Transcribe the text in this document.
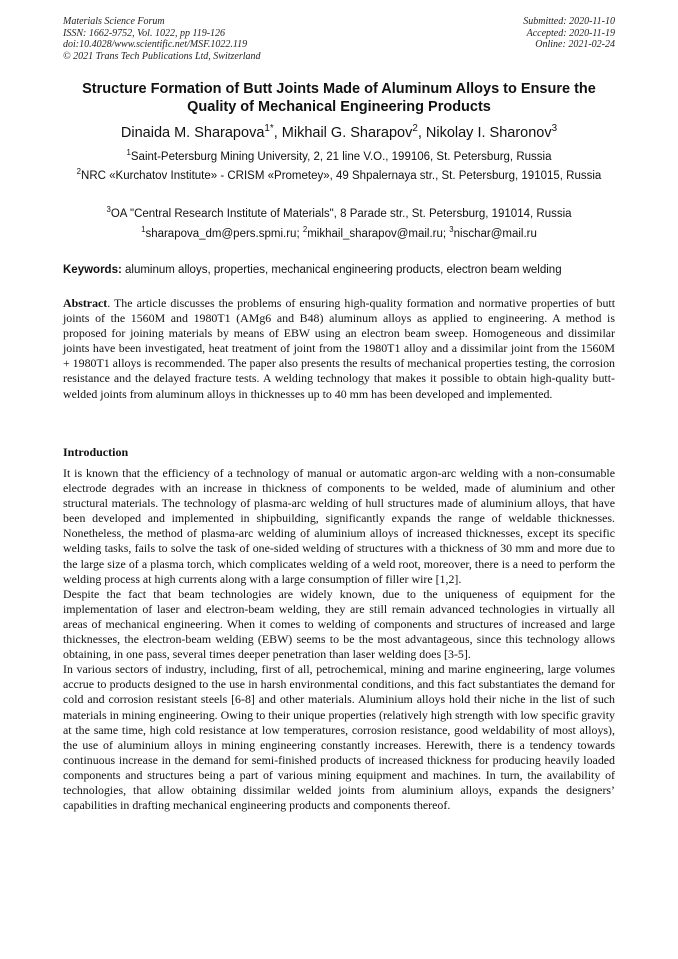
Materials Science Forum
ISSN: 1662-9752, Vol. 1022, pp 119-126
doi:10.4028/www.scientific.net/MSF.1022.119
© 2021 Trans Tech Publications Ltd, Switzerland
Submitted: 2020-11-10
Accepted: 2020-11-19
Online: 2021-02-24
Structure Formation of Butt Joints Made of Aluminum Alloys to Ensure the Quality of Mechanical Engineering Products
Dinaida M. Sharapova$^{1*}$, Mikhail G. Sharapov$^2$, Nikolay I. Sharonov$^3$
$^1$Saint-Petersburg Mining University, 2, 21 line V.O., 199106, St. Petersburg, Russia
$^2$NRC «Kurchatov Institute» - CRISM «Prometey», 49 Shpalernaya str., St. Petersburg, 191015, Russia
$^3$OA "Central Research Institute of Materials", 8 Parade str., St. Petersburg, 191014, Russia
$^1$sharapova_dm@pers.spmi.ru; $^2$mikhail_sharapov@mail.ru; $^3$nischar@mail.ru
Keywords: aluminum alloys, properties, mechanical engineering products, electron beam welding
Abstract. The article discusses the problems of ensuring high-quality formation and normative properties of butt joints of the 1560M and 1980T1 (AMg6 and B48) aluminum alloys as applied to engineering. A method is proposed for joining materials by means of EBW using an electron beam sweep. Homogeneous and dissimilar joints have been investigated, heat treatment of joint from the 1980T1 alloy and a dissimilar joint from the 1560M + 1980T1 alloys is recommended. The paper also presents the results of mechanical properties testing, the corrosion resistance and the delayed fracture tests. A welding technology that makes it possible to obtain high-quality butt-welded joints from aluminum alloys in thicknesses up to 40 mm has been developed and implemented.
Introduction

It is known that the efficiency of a technology of manual or automatic argon-arc welding with a non-consumable electrode degrades with an increase in thickness of components to be welded, made of aluminium and other structural materials. The technology of plasma-arc welding of hull structures made of aluminium alloys, that have been developed and implemented in shipbuilding, significantly expands the range of weldable thicknesses. Nonetheless, the method of plasma-arc welding of aluminium alloys of increased thicknesses, except its specific welding tasks, fails to solve the task of one-sided welding of structures with a thickness of 30 mm and more due to the large size of a plasma torch, which complicates welding of a weld root, moreover, there is a need to perform the welding process at high currents along with a large consumption of filler wire [1,2].

Despite the fact that beam technologies are widely known, due to the uniqueness of equipment for the implementation of laser and electron-beam welding, they are still remain advanced technologies in virtually all areas of mechanical engineering. When it comes to welding of components and structures of increased and large thicknesses, the electron-beam welding (EBW) seems to be the most advantageous, since this technology allows obtaining, in one pass, several times deeper penetration than laser welding does [3-5].

In various sectors of industry, including, first of all, petrochemical, mining and marine engineering, large volumes accrue to products designed to the use in harsh environmental conditions, and this fact substantiates the demand for cold and corrosion resistant steels [6-8] and other materials. Aluminium alloys hold their niche in the list of such materials in mining engineering. Owing to their unique properties (relatively high strength with low specific gravity at the same time, high cold resistance at low temperatures, corrosion resistance, good weldability of most alloys), the use of aluminium alloys in mining engineering constantly increases. Herewith, there is a tendency towards continuous increase in the demand for semi-finished products of increased thickness for producing heavily loaded components and structures being a part of various mining equipment and machines. In turn, the availability of technologies, that allow obtaining dissimilar welded joints from aluminium alloys, expands the designers’ capabilities in drafting mechanical engineering products and components thereof.
